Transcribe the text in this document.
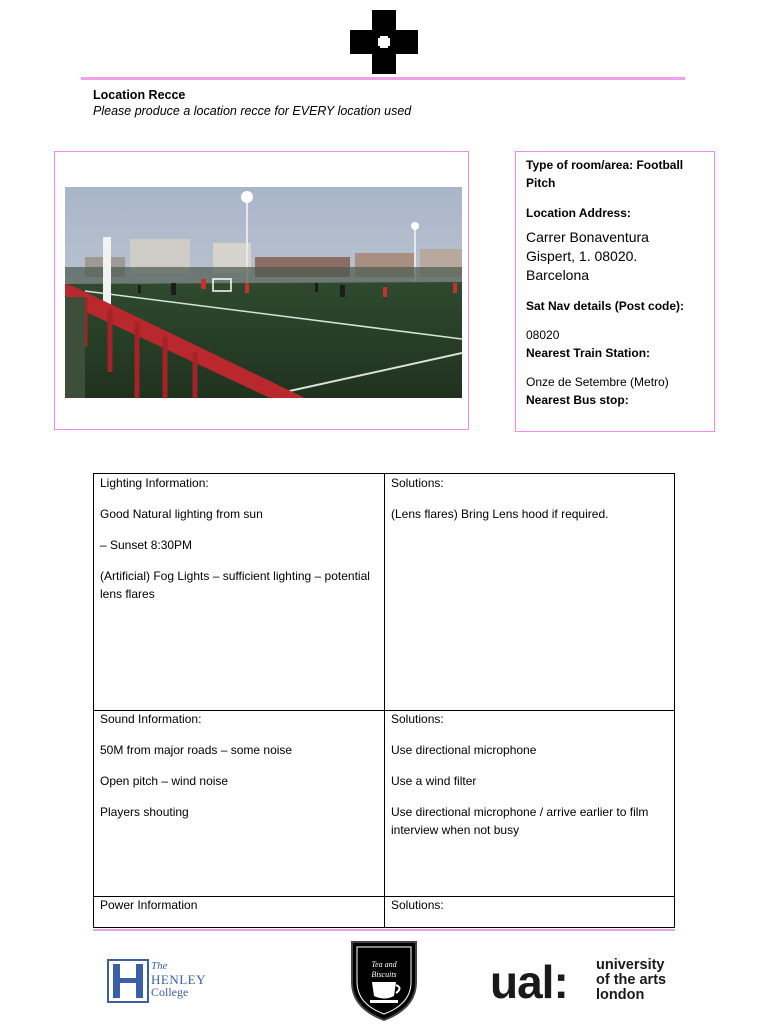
Location Recce
Please produce a location recce for EVERY location used
Type of room/area: Football Pitch
Location Address:
Carrer Bonaventura
Gispert, 1. 08020.
Barcelona
Sat Nav details (Post code):
08020
Nearest Train Station:
Onze de Setembre (Metro)
Nearest Bus stop:

Lighting Information:

Good Natural lighting from sun

– Sunset 8:30PM

(Artificial) Fog Lights – sufficient lighting – potential lens flares

Solutions:

(Lens flares) Bring Lens hood if required.

Sound Information:

50M from major roads – some noise

Open pitch – wind noise

Players shouting

Solutions:

Use directional microphone

Use a wind filter

Use directional microphone / arrive earlier to film interview when not busy

Power Information	Solutions:

The
HENLEY
College
Tea and Biscuits ual: university
of the arts
london
